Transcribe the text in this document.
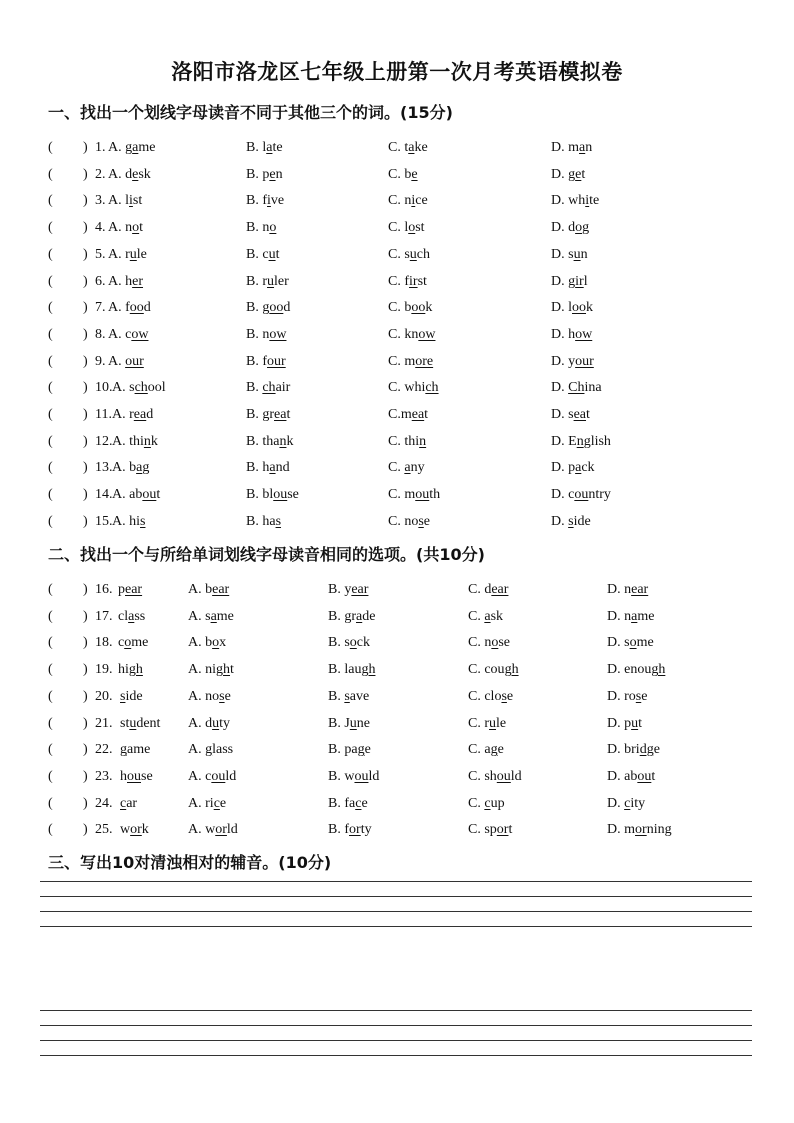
洛阳市洛龙区七年级上册第一次月考英语模拟卷
一、找出一个划线字母读音不同于其他三个的词。(15分)
( ) 1. A. game	B. late	C. take	D. man
( ) 2. A. desk	B. pen	C. be	D. get
( ) 3. A. list	B. five	C. nice	D. white
( ) 4. A. not	B. no	C. lost	D. dog
( ) 5. A. rule	B. cut	C. such	D. sun
( ) 6. A. her	B. ruler	C. first	D. girl
( ) 7. A. food	B. good	C. book	D. look
( ) 8. A. cow	B. now	C. know	D. how
( ) 9. A. our	B. four	C. more	D. your
( ) 10. A. school	B. chair	C. which	D. China
( ) 11. A. read	B. great	C.meat	D. seat
( ) 12. A. think	B. thank	C. thin	D. English
( ) 13. A. bag	B. hand	C. any	D. pack
( ) 14. A. about	B. blouse	C. mouth	D. country
( ) 15. A. his	B. has	C. nose	D. side
二、找出一个与所给单词划线字母读音相同的选项。(共10分)
( ) 16. pear	A. bear	B. year	C. dear	D. near
( ) 17. class	A. same	B. grade	C. ask	D. name
( ) 18. come	A. box	B. sock	C. nose	D. some
( ) 19. high	A. night	B. laugh	C. cough	D. enough
( ) 20. side	A. nose	B. save	C. close	D. rose
( ) 21. student A. duty	B. June	C. rule	D. put
( ) 22. game	A. glass	B. page	C. age	D. bridge
( ) 23. house	A. could	B. would	C. should	D. about
( ) 24. car	A. rice	B. face	C. cup	D. city
( ) 25. work	A. world	B. forty	C. sport	D. morning
三、写出10对清浊相对的辅音。(10分)
